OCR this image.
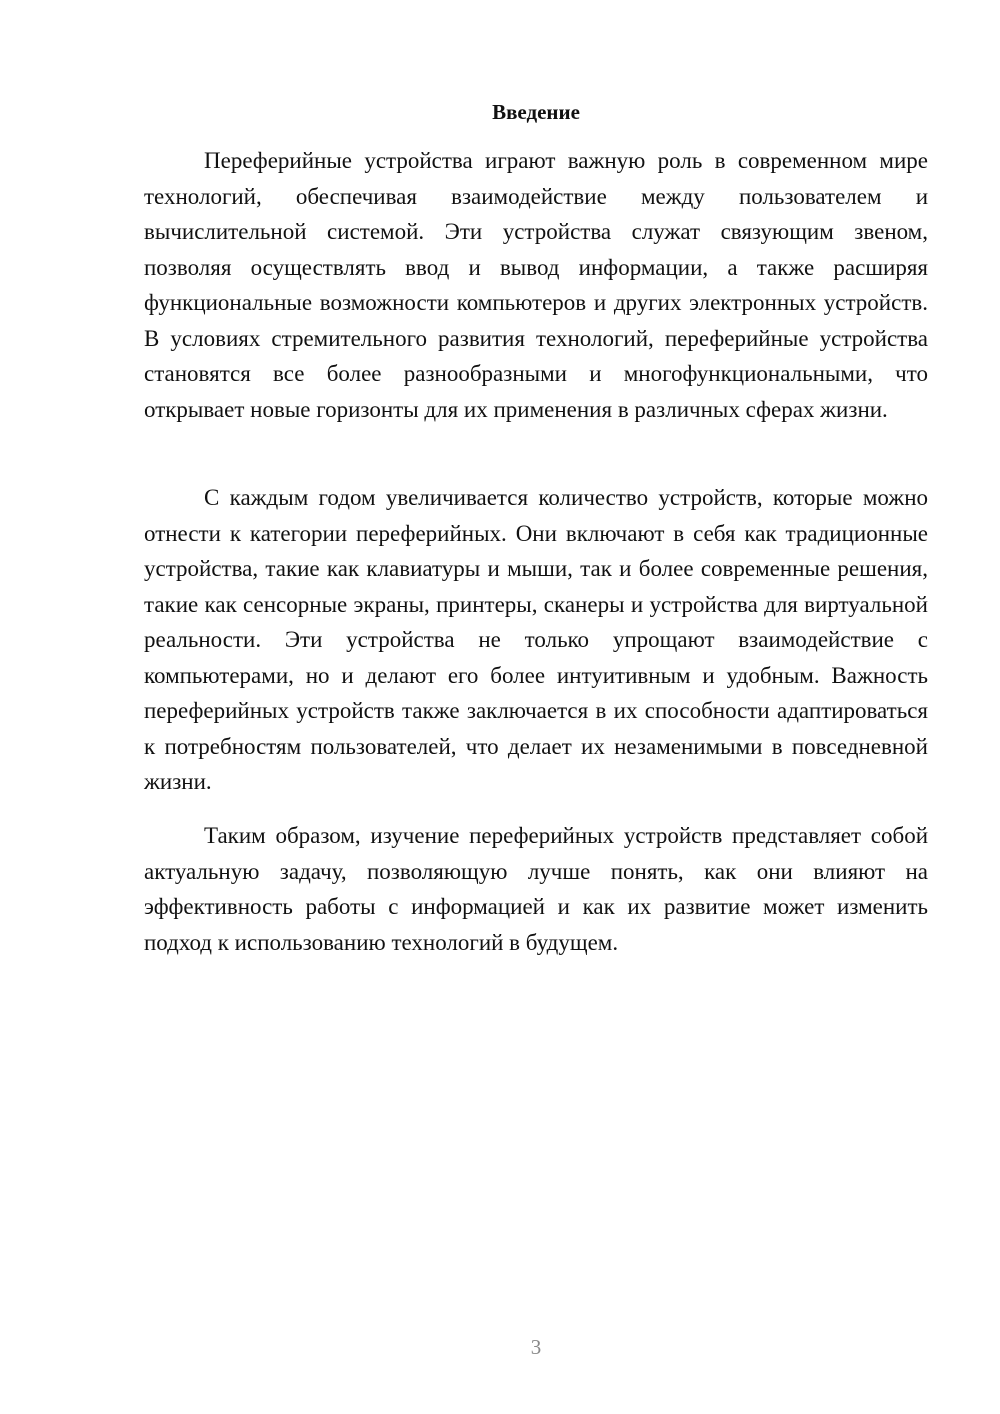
Введение

Переферийные устройства играют важную роль в современном мире технологий, обеспечивая взаимодействие между пользователем и вычислительной системой. Эти устройства служат связующим звеном, позволяя осуществлять ввод и вывод информации, а также расширяя функциональные возможности компьютеров и других электронных устройств. В условиях стремительного развития технологий, переферийные устройства становятся все более разнообразными и многофункциональными, что открывает новые горизонты для их применения в различных сферах жизни.

С каждым годом увеличивается количество устройств, которые можно отнести к категории переферийных. Они включают в себя как традиционные устройства, такие как клавиатуры и мыши, так и более современные решения, такие как сенсорные экраны, принтеры, сканеры и устройства для виртуальной реальности. Эти устройства не только упрощают взаимодействие с компьютерами, но и делают его более интуитивным и удобным. Важность переферийных устройств также заключается в их способности адаптироваться к потребностям пользователей, что делает их незаменимыми в повседневной жизни.

Таким образом, изучение переферийных устройств представляет собой актуальную задачу, позволяющую лучше понять, как они влияют на эффективность работы с информацией и как их развитие может изменить подход к использованию технологий в будущем.

3
